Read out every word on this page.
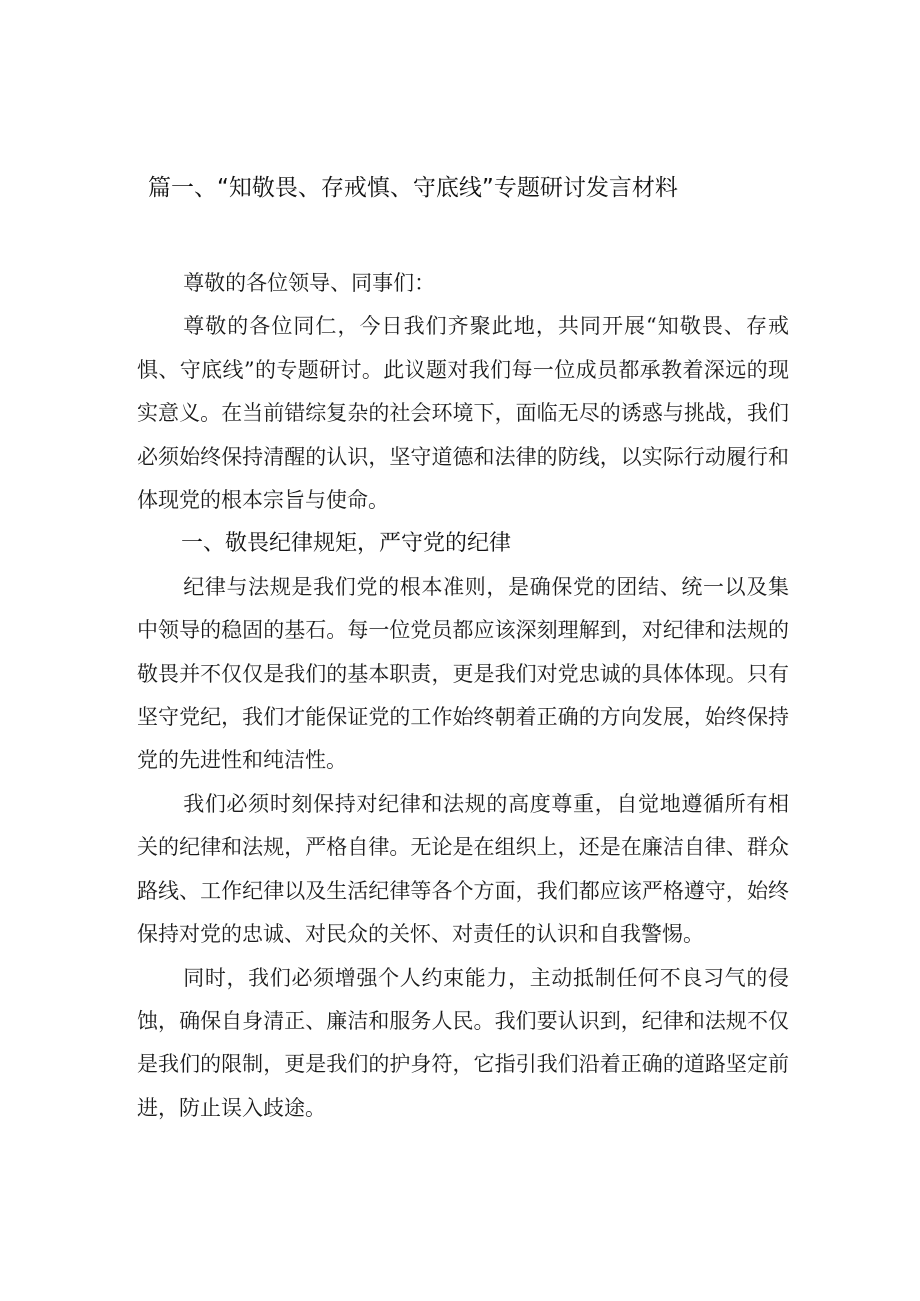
篇一、“知敬畏、存戒慎、守底线”专题研讨发言材料

尊敬的各位领导、同事们：

尊敬的各位同仁，今日我们齐聚此地，共同开展“知敬畏、存戒惧、守底线”的专题研讨。此议题对我们每一位成员都承教着深远的现实意义。在当前错综复杂的社会环境下，面临无尽的诱惑与挑战，我们必须始终保持清醒的认识，坚守道德和法律的防线，以实际行动履行和体现党的根本宗旨与使命。

一、敬畏纪律规矩，严守党的纪律

纪律与法规是我们党的根本准则，是确保党的团结、统一以及集中领导的稳固的基石。每一位党员都应该深刻理解到，对纪律和法规的敬畏并不仅仅是我们的基本职责，更是我们对党忠诚的具体体现。只有坚守党纪，我们才能保证党的工作始终朝着正确的方向发展，始终保持党的先进性和纯洁性。

我们必须时刻保持对纪律和法规的高度尊重，自觉地遵循所有相关的纪律和法规，严格自律。无论是在组织上，还是在廉洁自律、群众路线、工作纪律以及生活纪律等各个方面，我们都应该严格遵守，始终保持对党的忠诚、对民众的关怀、对责任的认识和自我警惕。

同时，我们必须增强个人约束能力，主动抵制任何不良习气的侵蚀，确保自身清正、廉洁和服务人民。我们要认识到，纪律和法规不仅是我们的限制，更是我们的护身符，它指引我们沿着正确的道路坚定前进，防止误入歧途。
